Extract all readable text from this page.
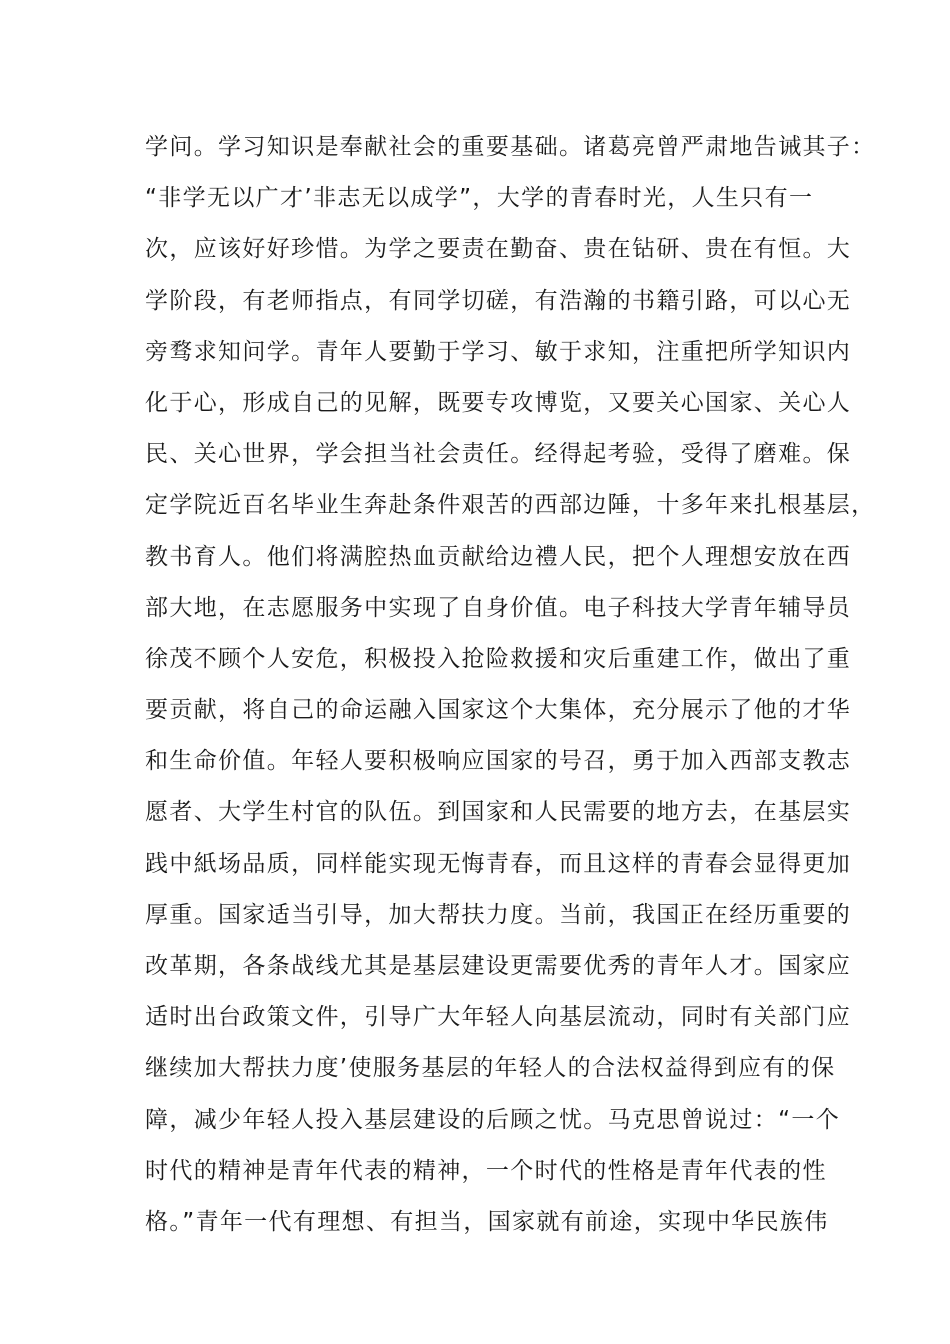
学问。学习知识是奉献社会的重要基础。诸葛亮曾严肃地告诫其子：
“非学无以广才’非志无以成学”，大学的青春时光，人生只有一
次，应该好好珍惜。为学之要责在勤奋、贵在钻研、贵在有恒。大
学阶段，有老师指点，有同学切磋，有浩瀚的书籍引路，可以心无
旁骛求知问学。青年人要勤于学习、敏于求知，注重把所学知识内
化于心，形成自己的见解，既要专攻博览，又要关心国家、关心人
民、关心世界，学会担当社会责任。经得起考验，受得了磨难。保
定学院近百名毕业生奔赴条件艰苦的西部边陲，十多年来扎根基层，
教书育人。他们将满腔热血贡献给边禮人民，把个人理想安放在西
部大地，在志愿服务中实现了自身价值。电子科技大学青年辅导员
徐茂不顾个人安危，积极投入抢险救援和灾后重建工作，做出了重
要贡献，将自己的命运融入国家这个大集体，充分展示了他的才华
和生命价值。年轻人要积极响应国家的号召，勇于加入西部支教志
愿者、大学生村官的队伍。到国家和人民需要的地方去，在基层实
践中紙场品质，同样能实现无悔青春，而且这样的青春会显得更加
厚重。国家适当引导，加大帮扶力度。当前，我国正在经历重要的
改革期，各条战线尤其是基层建设更需要优秀的青年人才。国家应
适时出台政策文件，引导广大年轻人向基层流动，同时有关部门应
继续加大帮扶力度’使服务基层的年轻人的合法权益得到应有的保
障，减少年轻人投入基层建设的后顾之忧。马克思曾说过：“一个
时代的精神是青年代表的精神，一个时代的性格是青年代表的性
格。”青年一代有理想、有担当，国家就有前途，实现中华民族伟
